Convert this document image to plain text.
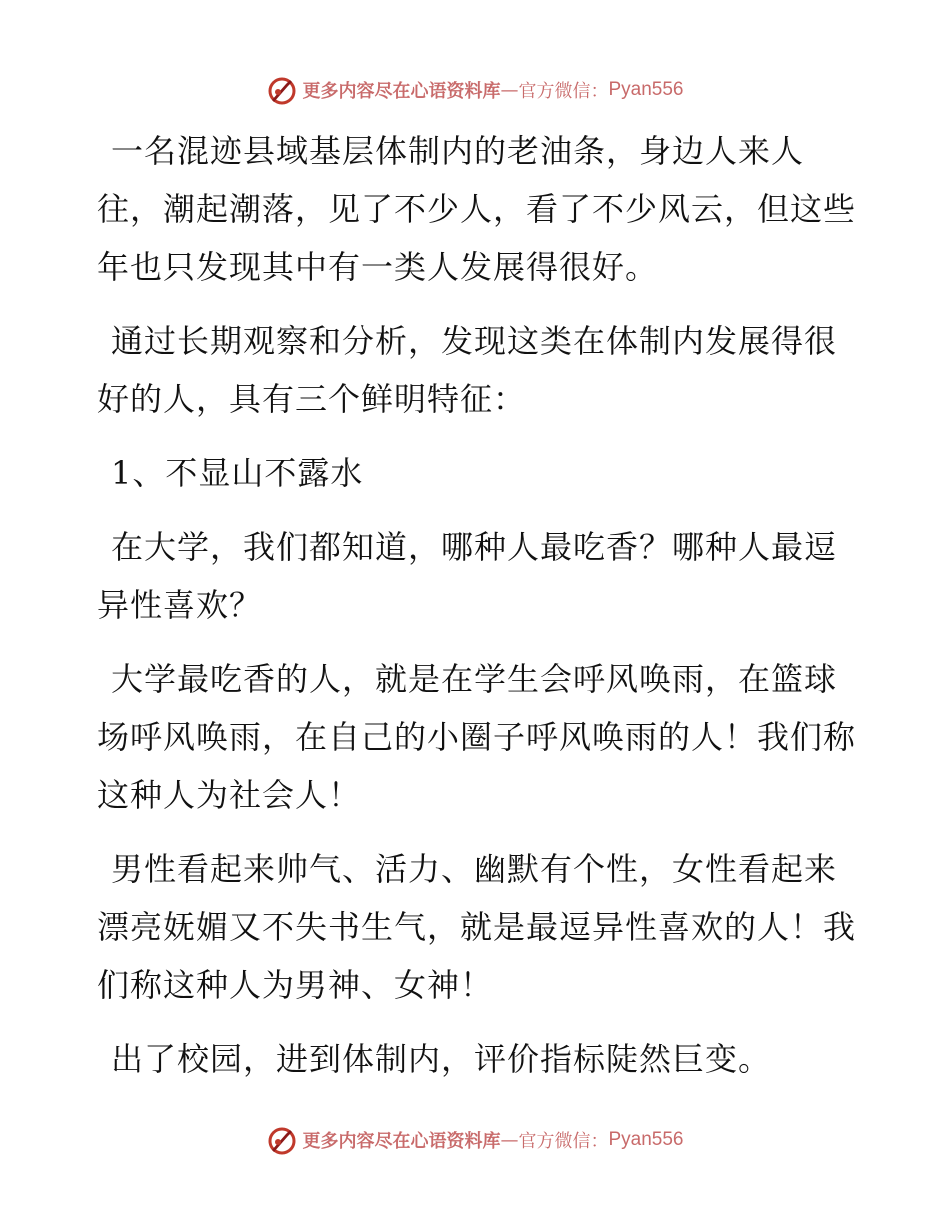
更多内容尽在心语资料库 — 官方微信： Pyan556

一名混迹县域基层体制内的老油条，身边人来人往，潮起潮落，见了不少人，看了不少风云，但这些年也只发现其中有一类人发展得很好。

通过长期观察和分析，发现这类在体制内发展得很好的人，具有三个鲜明特征：

1、不显山不露水

在大学，我们都知道，哪种人最吃香？哪种人最逗异性喜欢？

大学最吃香的人，就是在学生会呼风唤雨，在篮球场呼风唤雨，在自己的小圈子呼风唤雨的人！我们称这种人为社会人！

男性看起来帅气、活力、幽默有个性，女性看起来漂亮妩媚又不失书生气，就是最逗异性喜欢的人！我们称这种人为男神、女神！

出了校园，进到体制内，评价指标陡然巨变。

更多内容尽在心语资料库 — 官方微信： Pyan556
